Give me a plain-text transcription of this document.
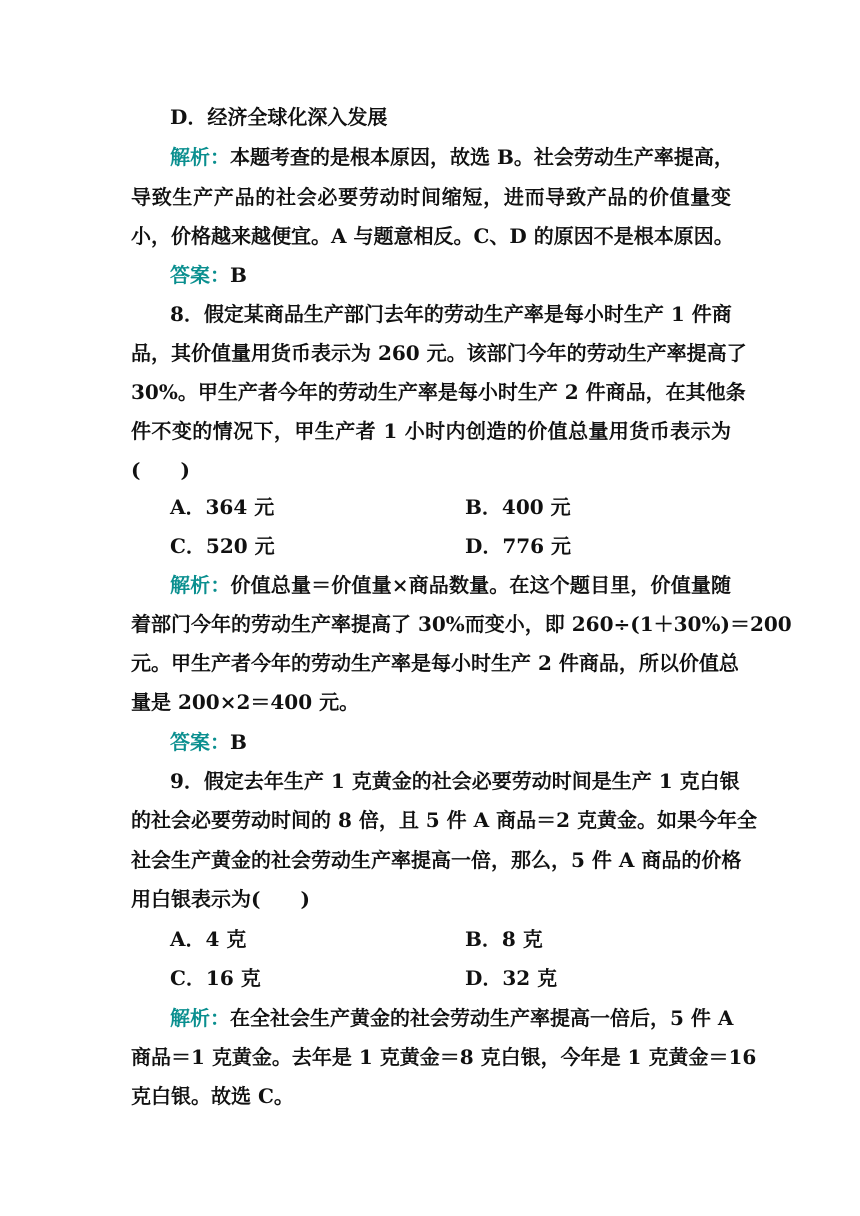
D．经济全球化深入发展
解析：本题考查的是根本原因，故选 B。社会劳动生产率提高，
导致生产产品的社会必要劳动时间缩短，进而导致产品的价值量变
小，价格越来越便宜。A 与题意相反。C、D 的原因不是根本原因。
答案：B
8．假定某商品生产部门去年的劳动生产率是每小时生产 1 件商
品，其价值量用货币表示为 260 元。该部门今年的劳动生产率提高了
30%。甲生产者今年的劳动生产率是每小时生产 2 件商品，在其他条
件不变的情况下，甲生产者 1 小时内创造的价值总量用货币表示为
(　　)
A．364 元	B．400 元
C．520 元	D．776 元
解析：价值总量＝价值量×商品数量。在这个题目里，价值量随
着部门今年的劳动生产率提高了 30%而变小，即 260÷(1＋30%)＝200
元。甲生产者今年的劳动生产率是每小时生产 2 件商品，所以价值总
量是 200×2＝400 元。
答案：B
9．假定去年生产 1 克黄金的社会必要劳动时间是生产 1 克白银
的社会必要劳动时间的 8 倍，且 5 件 A 商品＝2 克黄金。如果今年全
社会生产黄金的社会劳动生产率提高一倍，那么，5 件 A 商品的价格
用白银表示为(　　)
A．4 克	B．8 克
C．16 克	D．32 克
解析：在全社会生产黄金的社会劳动生产率提高一倍后，5 件 A
商品＝1 克黄金。去年是 1 克黄金＝8 克白银，今年是 1 克黄金＝16
克白银。故选 C。
